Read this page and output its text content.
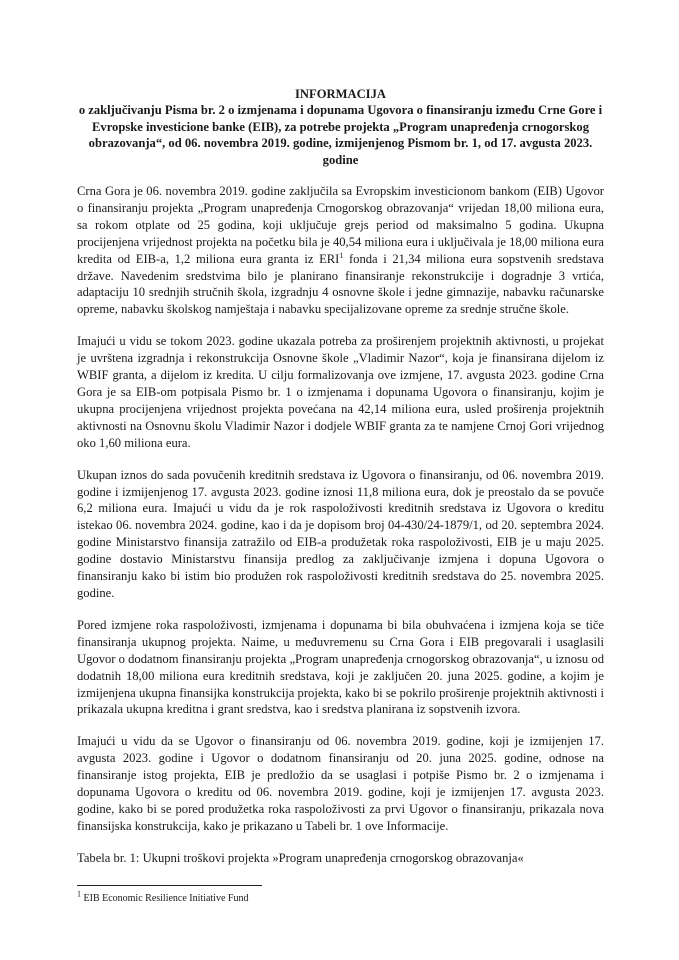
INFORMACIJA
o zaključivanju Pisma br. 2 o izmjenama i dopunama Ugovora o finansiranju između Crne Gore i Evropske investicione banke (EIB), za potrebe projekta „Program unapređenja crnogorskog obrazovanja“, od 06. novembra 2019. godine, izmijenjenog Pismom br. 1, od 17. avgusta 2023. godine

Crna Gora je 06. novembra 2019. godine zaključila sa Evropskim investicionom bankom (EIB) Ugovor o finansiranju projekta „Program unapređenja Crnogorskog obrazovanja“ vrijedan 18,00 miliona eura, sa rokom otplate od 25 godina, koji uključuje grejs period od maksimalno 5 godina. Ukupna procijenjena vrijednost projekta na početku bila je 40,54 miliona eura i uključivala je 18,00 miliona eura kredita od EIB-a, 1,2 miliona eura granta iz ERI$^1$ fonda i 21,34 miliona eura sopstvenih sredstava države. Navedenim sredstvima bilo je planirano finansiranje rekonstrukcije i dogradnje 3 vrtića, adaptaciju 10 srednjih stručnih škola, izgradnju 4 osnovne škole i jedne gimnazije, nabavku računarske opreme, nabavku školskog namještaja i nabavku specijalizovane opreme za srednje stručne škole.

Imajući u vidu se tokom 2023. godine ukazala potreba za proširenjem projektnih aktivnosti, u projekat je uvrštena izgradnja i rekonstrukcija Osnovne škole „Vladimir Nazor“, koja je finansirana dijelom iz WBIF granta, a dijelom iz kredita. U cilju formalizovanja ove izmjene, 17. avgusta 2023. godine Crna Gora je sa EIB-om potpisala Pismo br. 1 o izmjenama i dopunama Ugovora o finansiranju, kojim je ukupna procijenjena vrijednost projekta povećana na 42,14 miliona eura, usled proširenja projektnih aktivnosti na Osnovnu školu Vladimir Nazor i dodjele WBIF granta za te namjene Crnoj Gori vrijednog oko 1,60 miliona eura.

Ukupan iznos do sada povučenih kreditnih sredstava iz Ugovora o finansiranju, od 06. novembra 2019. godine i izmijenjenog 17. avgusta 2023. godine iznosi 11,8 miliona eura, dok je preostalo da se povuče 6,2 miliona eura. Imajući u vidu da je rok raspoloživosti kreditnih sredstava iz Ugovora o kreditu istekao 06. novembra 2024. godine, kao i da je dopisom broj 04-430/24-1879/1, od 20. septembra 2024. godine Ministarstvo finansija zatražilo od EIB-a produžetak roka raspoloživosti, EIB je u maju 2025. godine dostavio Ministarstvu finansija predlog za zaključivanje izmjena i dopuna Ugovora o finansiranju kako bi istim bio produžen rok raspoloživosti kreditnih sredstava do 25. novembra 2025. godine.

Pored izmjene roka raspoloživosti, izmjenama i dopunama bi bila obuhvaćena i izmjena koja se tiče finansiranja ukupnog projekta. Naime, u međuvremenu su Crna Gora i EIB pregovarali i usaglasili Ugovor o dodatnom finansiranju projekta „Program unapređenja crnogorskog obrazovanja“, u iznosu od dodatnih 18,00 miliona eura kreditnih sredstava, koji je zaključen 20. juna 2025. godine, a kojim je izmijenjena ukupna finansijka konstrukcija projekta, kako bi se pokrilo proširenje projektnih aktivnosti i prikazala ukupna kreditna i grant sredstva, kao i sredstva planirana iz sopstvenih izvora.

Imajući u vidu da se Ugovor o finansiranju od 06. novembra 2019. godine, koji je izmijenjen 17. avgusta 2023. godine i Ugovor o dodatnom finansiranju od 20. juna 2025. godine, odnose na finansiranje istog projekta, EIB je predložio da se usaglasi i potpiše Pismo br. 2 o izmjenama i dopunama Ugovora o kreditu od 06. novembra 2019. godine, koji je izmijenjen 17. avgusta 2023. godine, kako bi se pored produžetka roka raspoloživosti za prvi Ugovor o finansiranju, prikazala nova finansijska konstrukcija, kako je prikazano u Tabeli br. 1 ove Informacije.

Tabela br. 1: Ukupni troškovi projekta »Program unapređenja crnogorskog obrazovanja«

$^1$ EIB Economic Resilience Initiative Fund
